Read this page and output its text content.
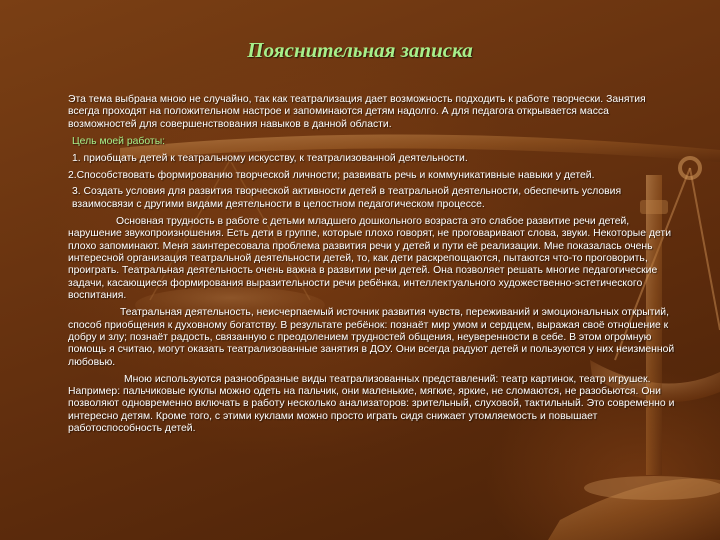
Пояснительная записка

Эта тема выбрана мною не случайно, так как театрализация дает возможность подходить к работе творчески. Занятия всегда проходят на положительном настрое и запоминаются детям надолго. А для педагога открывается масса возможностей для совершенствования навыков в данной области.

Цель моей работы:

1. приобщать детей к театральному искусству, к театрализованной деятельности.

2.Способствовать формированию творческой личности; развивать речь и коммуникативные навыки у детей.

3. Создать условия для развития творческой активности детей в театральной деятельности, обеспечить условия взаимосвязи с другими видами деятельности в целостном педагогическом процессе.

Основная трудность в работе с детьми младшего дошкольного возраста это слабое развитие речи детей, нарушение звукопроизношения. Есть дети в группе, которые плохо говорят, не проговаривают слова, звуки. Некоторые дети плохо запоминают. Меня заинтересовала проблема развития речи у детей и пути её реализации. Мне показалась очень интересной организация театральной деятельности детей, то, как дети раскрепощаются, пытаются что-то проговорить, проиграть. Театральная деятельность очень важна в развитии речи детей. Она позволяет решать многие педагогические задачи, касающиеся формирования выразительности речи ребёнка, интеллектуального художественно-эстетического воспитания.

Театральная деятельность, неисчерпаемый источник развития чувств, переживаний и эмоциональных открытий, способ приобщения к духовному богатству. В результате ребёнок: познаёт мир умом и сердцем, выражая своё отношение к добру и злу; познаёт радость, связанную с преодолением трудностей общения, неуверенности в себе. В этом огромную помощь я считаю, могут оказать театрализованные занятия в ДОУ. Они всегда радуют детей и пользуются у них неизменной любовью.

Мною используются разнообразные виды театрализованных представлений: театр картинок, театр игрушек. Например: пальчиковые куклы можно одеть на пальчик, они маленькие, мягкие, яркие, не сломаются, не разобьются. Они позволяют одновременно включать в работу несколько анализаторов: зрительный, слуховой, тактильный. Это современно и интересно детям. Кроме того, с этими куклами можно просто играть сидя снижает утомляемость и повышает работоспособность детей.
